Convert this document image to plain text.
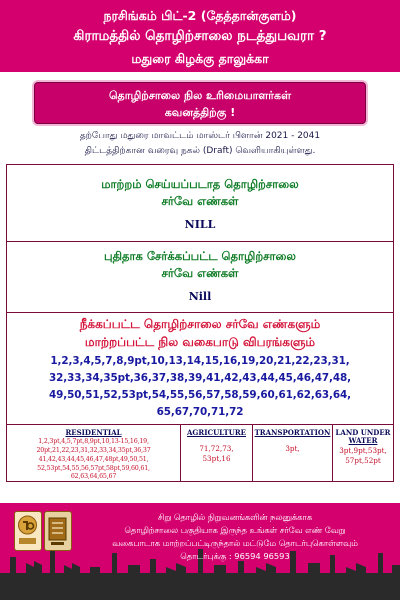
நரசிங்கம் பிட்-2 (தேத்தான்குளம்)
கிராமத்தில் தொழிற்சாலை நடத்துபவரா ?
மதுரை கிழக்கு தாலுக்கா
தொழிற்சாலை நில உரிமையாளர்கள்
கவனத்திற்கு !
தற்போது மதுரை மாவட்டம் மாஸ்டர் பிளான் 2021 - 2041
திட்டத்திற்கான வரைவு நகல் (Draft) வெளியாகியுள்ளது.
மாற்றம் செய்யப்படாத தொழிற்சாலை
சர்வே எண்கள்
NILL
புதிதாக சேர்க்கப்பட்ட தொழிற்சாலை
சர்வே எண்கள்
Nill
நீக்கப்பட்ட தொழிற்சாலை சர்வே எண்களும்
மாற்றப்பட்ட நில வகைபாடு விபரங்களும்
1,2,3,4,5,7,8,9pt,10,13,14,15,16,19,20,21,22,23,31,
32,33,34,35pt,36,37,38,39,41,42,43,44,45,46,47,48,
49,50,51,52,53pt,54,55,56,57,58,59,60,61,62,63,64,
65,67,70,71,72
RESIDENTIAL
1,2,3pt,4,5,7pt,8,9pt,10,13-15,16,19,
20pt,21,22,23,31,32,33,34,35pt,36,37
41,42,43,44,45,46,47,48pt,49,50,51,
52,53pt,54,55,56,57pt,58pt,59,60,61,
62,63,64,65,67
AGRICULTURE
71,72,73,
53pt,16
TRANSPORTATION
3pt,
LAND UNDER
WATER
3pt,9pt,53pt,
57pt,52pt
சிறு தொழில் நிறுவனங்களின் நலனுக்காக
தொழிற்சாலை பகுதியாக இருந்த உங்கள் சர்வே எண் வேறு
வகைபாடாக மாற்றப்பட்டிருந்தால் மட்டுமே தொடர்புகொள்ளவும்
தொடர்புக்கு : 96594 96593
